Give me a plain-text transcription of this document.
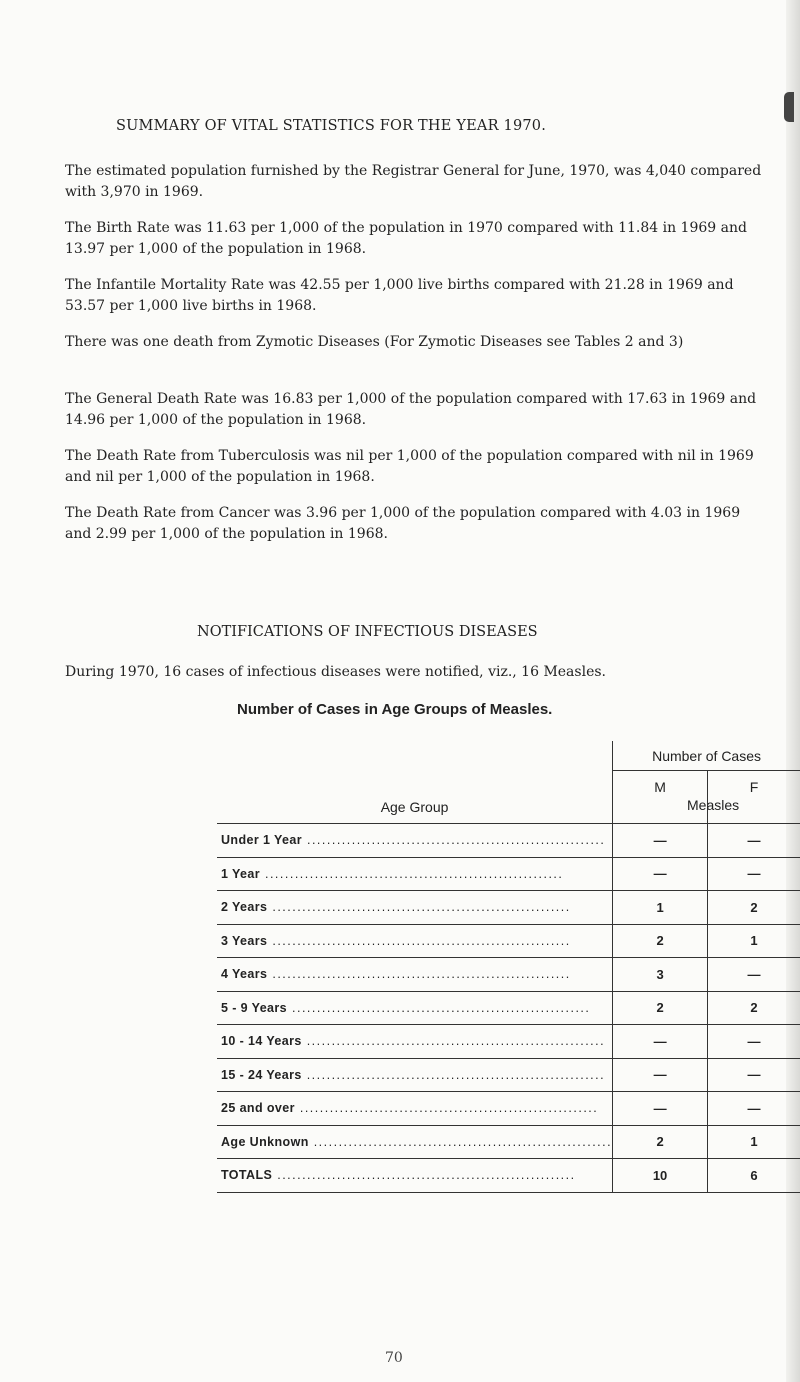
SUMMARY OF VITAL STATISTICS FOR THE YEAR 1970.

The estimated population furnished by the Registrar General for June, 1970, was 4,040 compared with 3,970 in 1969.

The Birth Rate was 11.63 per 1,000 of the population in 1970 compared with 11.84 in 1969 and 13.97 per 1,000 of the population in 1968.

The Infantile Mortality Rate was 42.55 per 1,000 live births compared with 21.28 in 1969 and 53.57 per 1,000 live births in 1968.

There was one death from Zymotic Diseases (For Zymotic Diseases see Tables 2 and 3)

The General Death Rate was 16.83 per 1,000 of the population compared with 17.63 in 1969 and 14.96 per 1,000 of the population in 1968.

The Death Rate from Tuberculosis was nil per 1,000 of the population compared with nil in 1969 and nil per 1,000 of the population in 1968.

The Death Rate from Cancer was 3.96 per 1,000 of the population compared with 4.03 in 1969 and 2.99 per 1,000 of the population in 1968.

NOTIFICATIONS OF INFECTIOUS DISEASES

During 1970, 16 cases of infectious diseases were notified, viz., 16 Measles.

Number of Cases in Age Groups of Measles.
Age Group	Number of Cases	

	M
Measles	F

Under 1 Year ............................................................	—	—
1 Year ............................................................	—	—
2 Years ............................................................	1	2
3 Years ............................................................	2	1
4 Years ............................................................	3	—
5 - 9 Years ............................................................	2	2
10 - 14 Years ............................................................	—	—
15 - 24 Years ............................................................	—	—
25 and over ............................................................	—	—
Age Unknown ............................................................	2	1
TOTALS ............................................................	10	6
70
